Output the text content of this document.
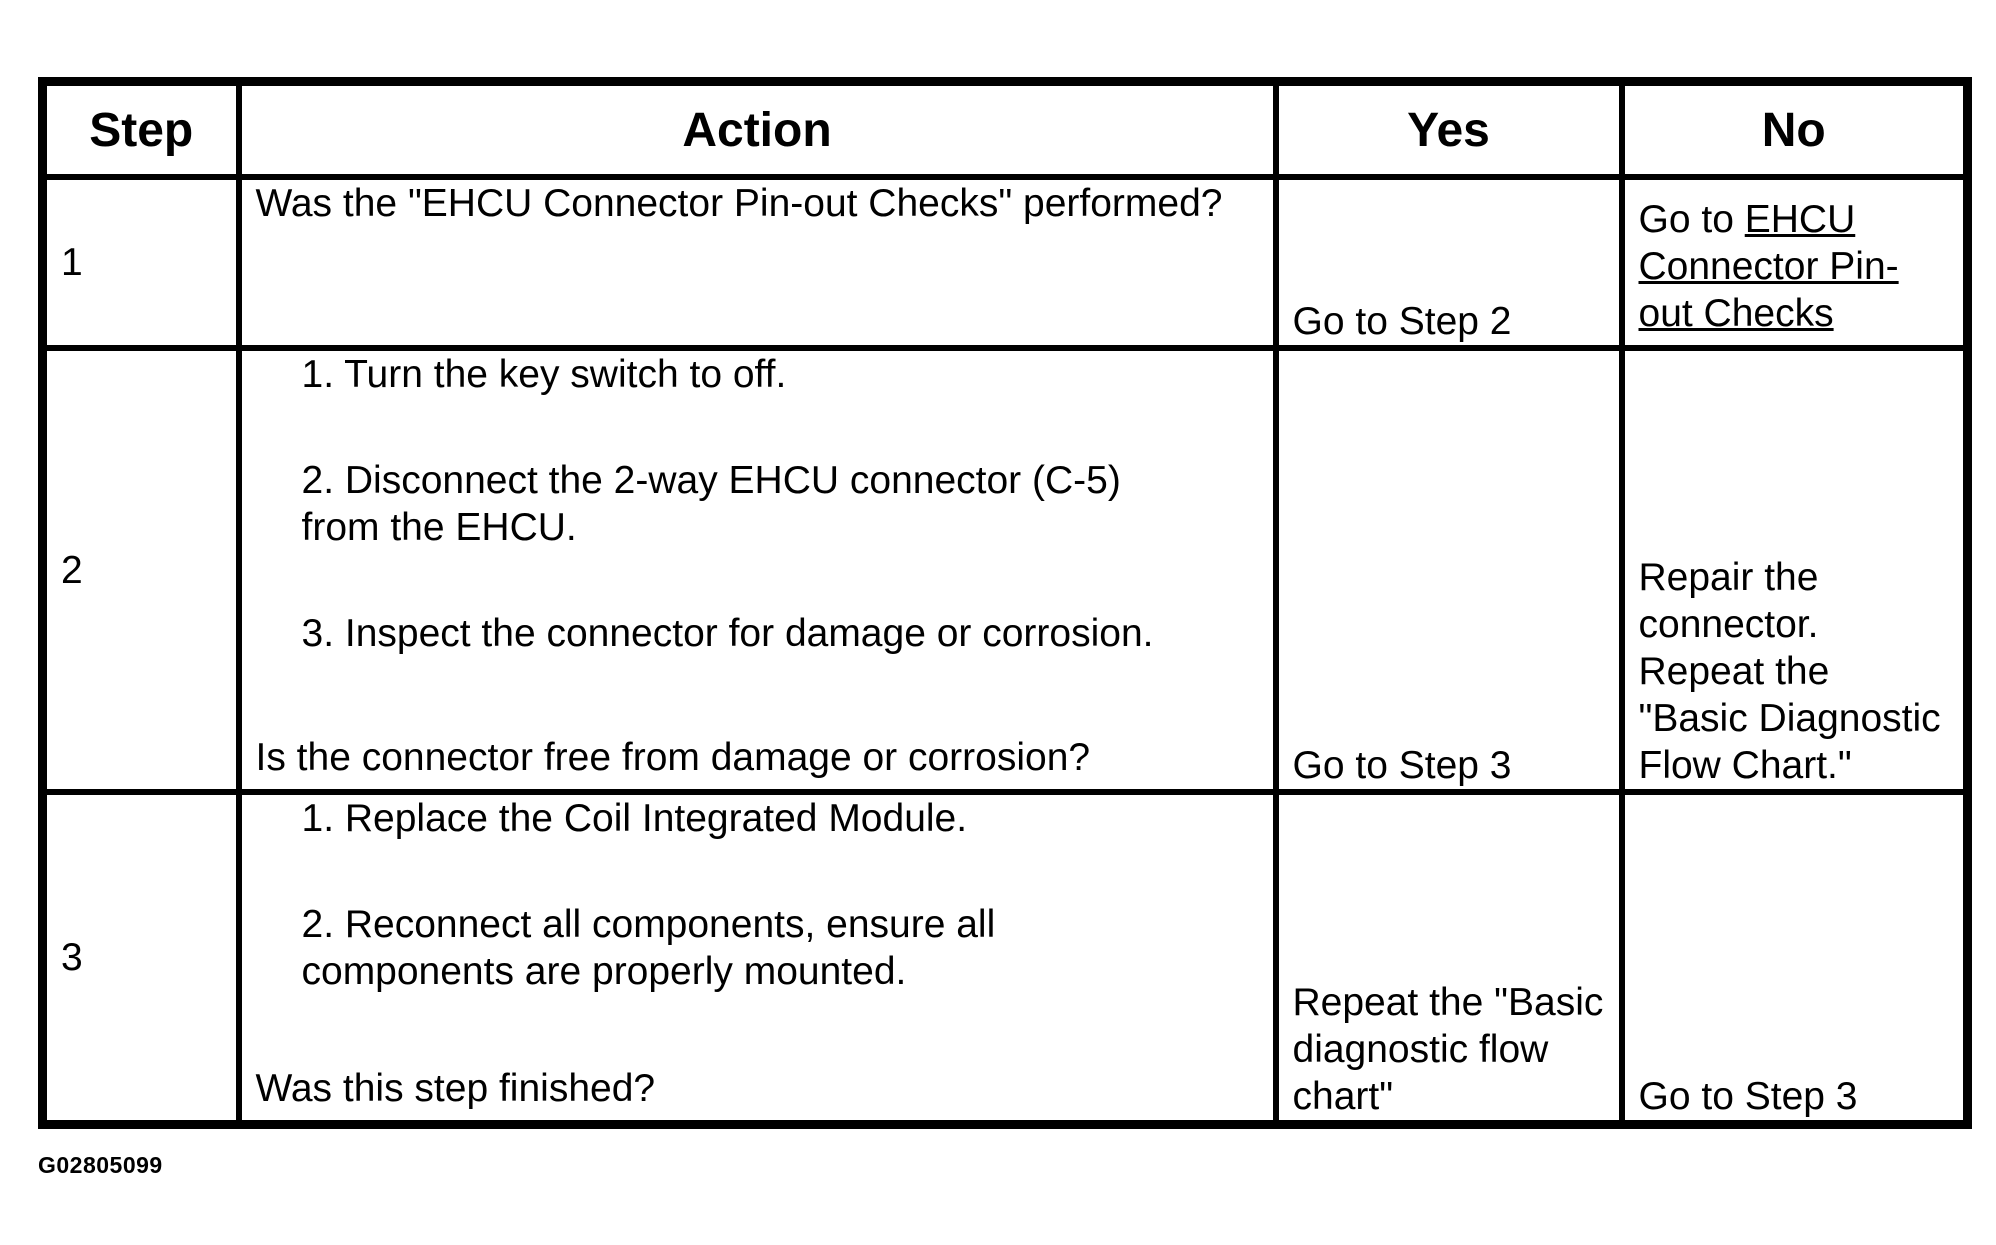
Step	Action	Yes	No
1	Was the "EHCU Connector Pin-out Checks" performed?	Go to Step 2	Go to EHCU Connector Pin-out Checks
2	1. Turn the key switch to off.

2. Disconnect the 2-way EHCU connector (C-5) from the EHCU.

3. Inspect the connector for damage or corrosion.

Is the connector free from damage or corrosion?	Go to Step 3	Repair the connector. Repeat the "Basic Diagnostic Flow Chart."
3	1. Replace the Coil Integrated Module.

2. Reconnect all components, ensure all components are properly mounted.

Was this step finished?	Repeat the "Basic diagnostic flow chart"	Go to Step 3
G02805099
